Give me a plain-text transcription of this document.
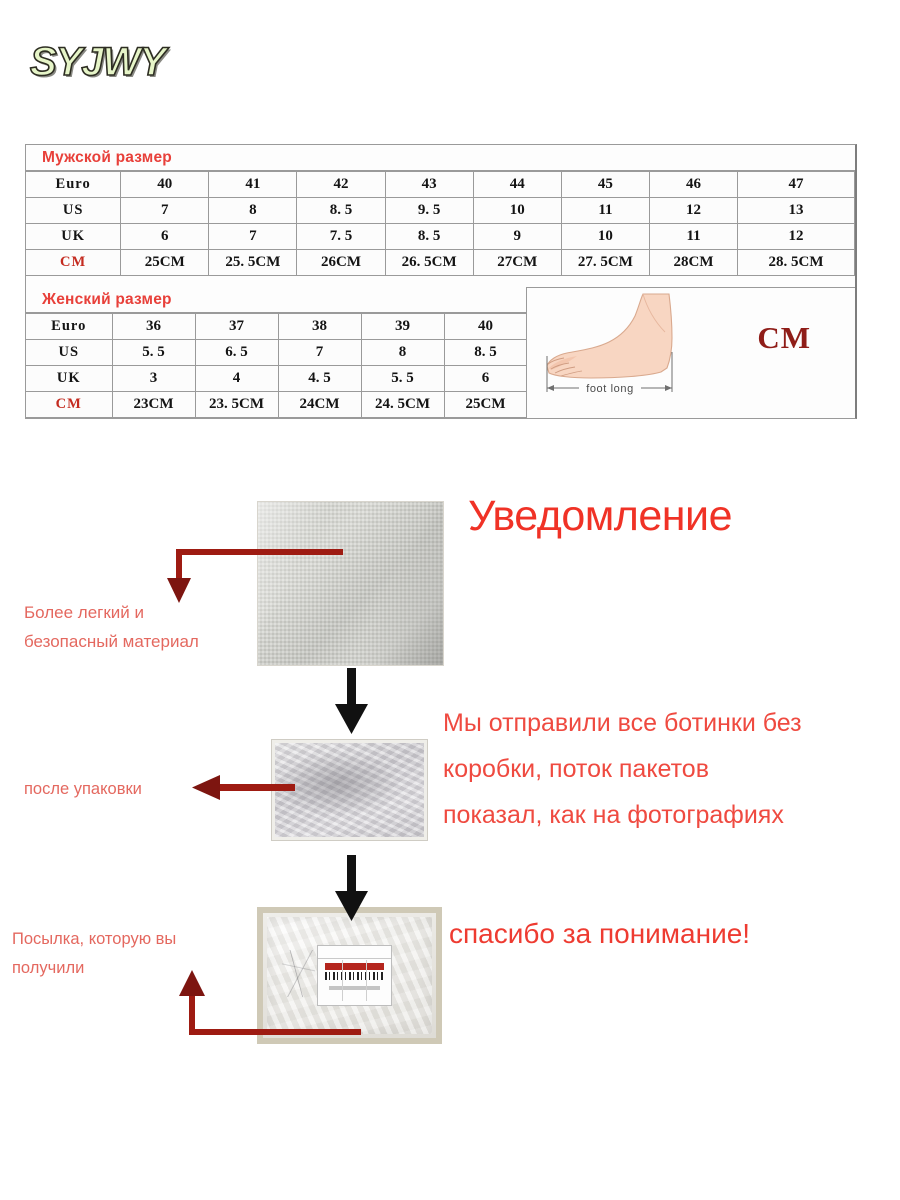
SYJWY
Мужской размер
Euro	40	41	42	43	44	45	46	47
US	7	8	8. 5	9. 5	10	11	12	13
UK	6	7	7. 5	8. 5	9	10	11	12
CM	25CM	25. 5CM	26CM	26. 5CM	27CM	27. 5CM	28CM	28. 5CM
Женский размер
Euro	36	37	38	39	40
US	5. 5	6. 5	7	8	8. 5
UK	3	4	4. 5	5. 5	6
CM	23CM	23. 5CM	24CM	24. 5CM	25CM
foot long
CM
Уведомление
Более легкий и
безопасный материал
после упаковки
Посылка, которую вы
получили
Мы отправили все ботинки без
коробки, поток пакетов
показал, как на фотографиях
спасибо за понимание!
